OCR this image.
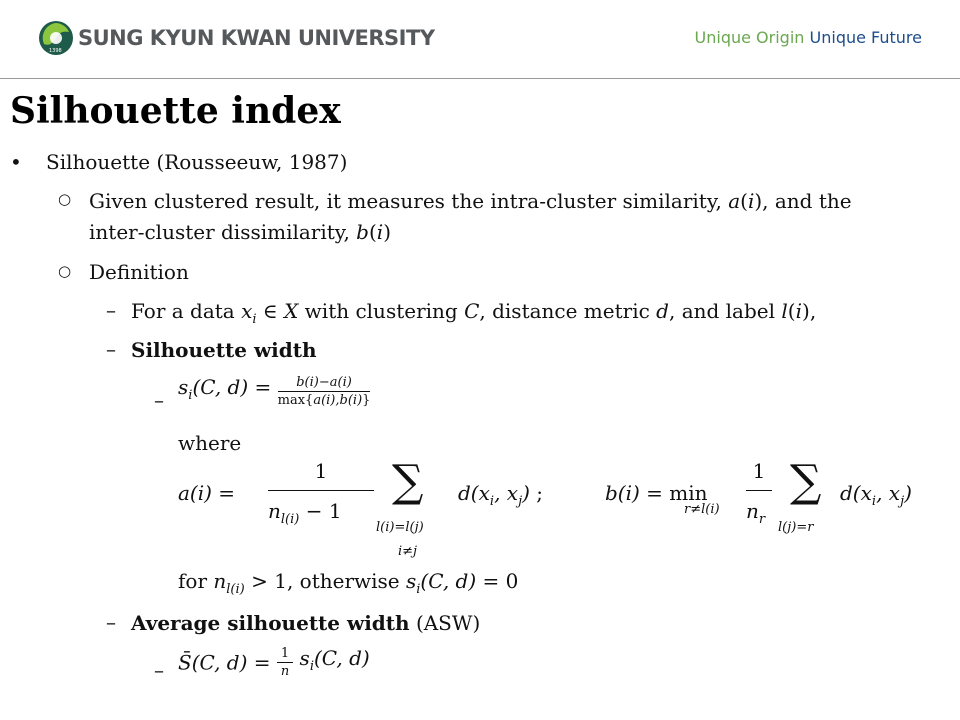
1398
SUNG KYUN KWAN UNIVERSITY	Unique Origin Unique Future
Silhouette index
• Silhouette (Rousseeuw, 1987)
○ Given clustered result, it measures the intra-cluster similarity, a(i), and the
inter-cluster dissimilarity, b(i)
○ Definition
– For a data $x_i$ ∈ X with clustering C, distance metric d, and label l(i),
– Silhouette width
–
$s_i(C$, $d) = \frac{b(i)-a(i)}{\max\{a(i),b(i)\}}$
where
a(i) =
1
$n_{l(i)} - 1$
∑
l(i)=l(j)
i≠j
$d(x_i$, $x_j$) ;	b(i) = min
r≠l(i)
1
$n_r$
∑
l(j)=r
$d(x_i$, $x_j$)
for $n_{l(i)} > 1$, otherwise $s_i(C$, d) = 0
– Average silhouette width (ASW)
– S̄(C, $d) = \frac{1}{n} s_i(C$, d)
